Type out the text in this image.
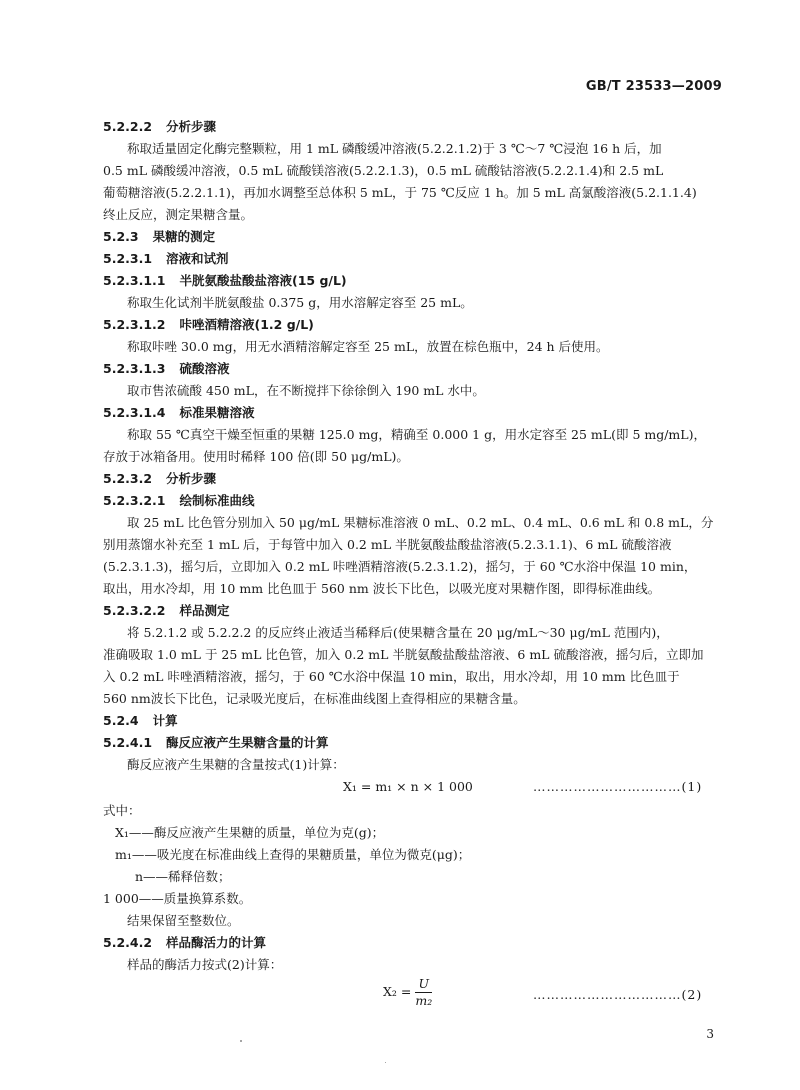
GB/T 23533—2009
5.2.2.2 分析步骤
称取适量固定化酶完整颗粒，用 1 mL 磷酸缓冲溶液(5.2.2.1.2)于 3 ℃～7 ℃浸泡 16 h 后，加
0.5 mL 磷酸缓冲溶液，0.5 mL 硫酸镁溶液(5.2.2.1.3)，0.5 mL 硫酸钴溶液(5.2.2.1.4)和 2.5 mL
葡萄糖溶液(5.2.2.1.1)，再加水调整至总体积 5 mL，于 75 ℃反应 1 h。加 5 mL 高氯酸溶液(5.2.1.1.4)
终止反应，测定果糖含量。
5.2.3 果糖的测定
5.2.3.1 溶液和试剂
5.2.3.1.1 半胱氨酸盐酸盐溶液(15 g/L)
称取生化试剂半胱氨酸盐 0.375 g，用水溶解定容至 25 mL。
5.2.3.1.2 咔唑酒精溶液(1.2 g/L)
称取咔唑 30.0 mg，用无水酒精溶解定容至 25 mL，放置在棕色瓶中，24 h 后使用。
5.2.3.1.3 硫酸溶液
取市售浓硫酸 450 mL，在不断搅拌下徐徐倒入 190 mL 水中。
5.2.3.1.4 标准果糖溶液
称取 55 ℃真空干燥至恒重的果糖 125.0 mg，精确至 0.000 1 g，用水定容至 25 mL(即 5 mg/mL)，
存放于冰箱备用。使用时稀释 100 倍(即 50 μg/mL)。
5.2.3.2 分析步骤
5.2.3.2.1 绘制标准曲线
取 25 mL 比色管分别加入 50 μg/mL 果糖标准溶液 0 mL、0.2 mL、0.4 mL、0.6 mL 和 0.8 mL，分
别用蒸馏水补充至 1 mL 后，于每管中加入 0.2 mL 半胱氨酸盐酸盐溶液(5.2.3.1.1)、6 mL 硫酸溶液
(5.2.3.1.3)，摇匀后，立即加入 0.2 mL 咔唑酒精溶液(5.2.3.1.2)，摇匀，于 60 ℃水浴中保温 10 min，
取出，用水冷却，用 10 mm 比色皿于 560 nm 波长下比色，以吸光度对果糖作图，即得标准曲线。
5.2.3.2.2 样品测定
将 5.2.1.2 或 5.2.2.2 的反应终止液适当稀释后(使果糖含量在 20 μg/mL～30 μg/mL 范围内)，
准确吸取 1.0 mL 于 25 mL 比色管，加入 0.2 mL 半胱氨酸盐酸盐溶液、6 mL 硫酸溶液，摇匀后，立即加
入 0.2 mL 咔唑酒精溶液，摇匀，于 60 ℃水浴中保温 10 min，取出，用水冷却，用 10 mm 比色皿于
560 nm波长下比色，记录吸光度后，在标准曲线图上查得相应的果糖含量。
5.2.4 计算
5.2.4.1 酶反应液产生果糖含量的计算
酶反应液产生果糖的含量按式(1)计算：
X₁ = m₁ × n × 1 000	……………………………(1)
式中：
X₁——酶反应液产生果糖的质量，单位为克(g)；
m₁——吸光度在标准曲线上查得的果糖质量，单位为微克(μg)；
n——稀释倍数；
1 000——质量换算系数。
结果保留至整数位。
5.2.4.2 样品酶活力的计算
样品的酶活力按式(2)计算：
$X_2 = \frac{U}{\text{m₂}}$	……………………………(2)
3
